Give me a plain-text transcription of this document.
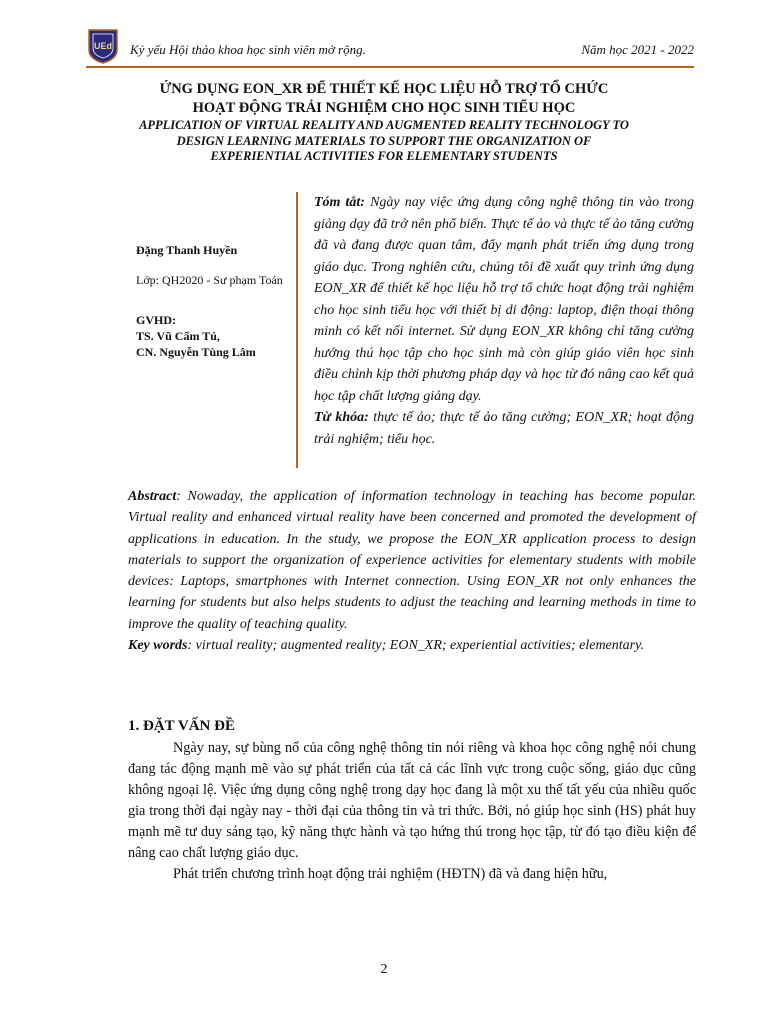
UEd Kỷ yếu Hội thảo khoa học sinh viên mở rộng.	Năm học 2021 - 2022

ỨNG DỤNG EON_XR ĐỂ THIẾT KẾ HỌC LIỆU HỖ TRỢ TỔ CHỨC

HOẠT ĐỘNG TRẢI NGHIỆM CHO HỌC SINH TIỂU HỌC

APPLICATION OF VIRTUAL REALITY AND AUGMENTED REALITY TECHNOLOGY TO

DESIGN LEARNING MATERIALS TO SUPPORT THE ORGANIZATION OF

EXPERIENTIAL ACTIVITIES FOR ELEMENTARY STUDENTS

Đặng Thanh Huyền

Lớp: QH2020 - Sư phạm Toán

GVHD:

TS. Vũ Cẩm Tú,

CN. Nguyễn Tùng Lâm

Tóm tắt: Ngày nay việc ứng dụng công nghệ thông tin vào trong giảng dạy đã trở nên phổ biến. Thực tế ảo và thực tế ảo tăng cường đã và đang được quan tâm, đẩy mạnh phát triển ứng dụng trong giáo dục. Trong nghiên cứu, chúng tôi đề xuất quy trình ứng dụng EON_XR để thiết kế học liệu hỗ trợ tổ chức hoạt động trải nghiệm cho học sinh tiểu học với thiết bị di động: laptop, điện thoại thông minh có kết nối internet. Sử dụng EON_XR không chỉ tăng cường hướng thú học tập cho học sinh mà còn giúp giáo viên học sinh điều chỉnh kịp thời phương pháp dạy và học từ đó nâng cao kết quả học tập chất lượng giảng dạy.

Từ khóa: thực tế ảo; thực tế ảo tăng cường; EON_XR; hoạt động trải nghiệm; tiểu học.

Abstract: Nowaday, the application of information technology in teaching has become popular. Virtual reality and enhanced virtual reality have been concerned and promoted the development of applications in education. In the study, we propose the EON_XR application process to design materials to support the organization of experience activities for elementary students with mobile devices: Laptops, smartphones with Internet connection. Using EON_XR not only enhances the learning for students but also helps students to adjust the teaching and learning methods in time to improve the quality of teaching quality.

Key words: virtual reality; augmented reality; EON_XR; experiential activities; elementary.

1. ĐẶT VẤN ĐỀ

Ngày nay, sự bùng nổ của công nghệ thông tin nói riêng và khoa học công nghệ nói chung đang tác động mạnh mẽ vào sự phát triển của tất cả các lĩnh vực trong cuộc sống, giáo dục cũng không ngoại lệ. Việc ứng dụng công nghệ trong dạy học đang là một xu thế tất yếu của nhiều quốc gia trong thời đại ngày nay - thời đại của thông tin và tri thức. Bởi, nó giúp học sinh (HS) phát huy mạnh mẽ tư duy sáng tạo, kỹ năng thực hành và tạo hứng thú trong học tập, từ đó tạo điều kiện để nâng cao chất lượng giáo dục.

Phát triển chương trình hoạt động trải nghiệm (HĐTN) đã và đang hiện hữu,

2
